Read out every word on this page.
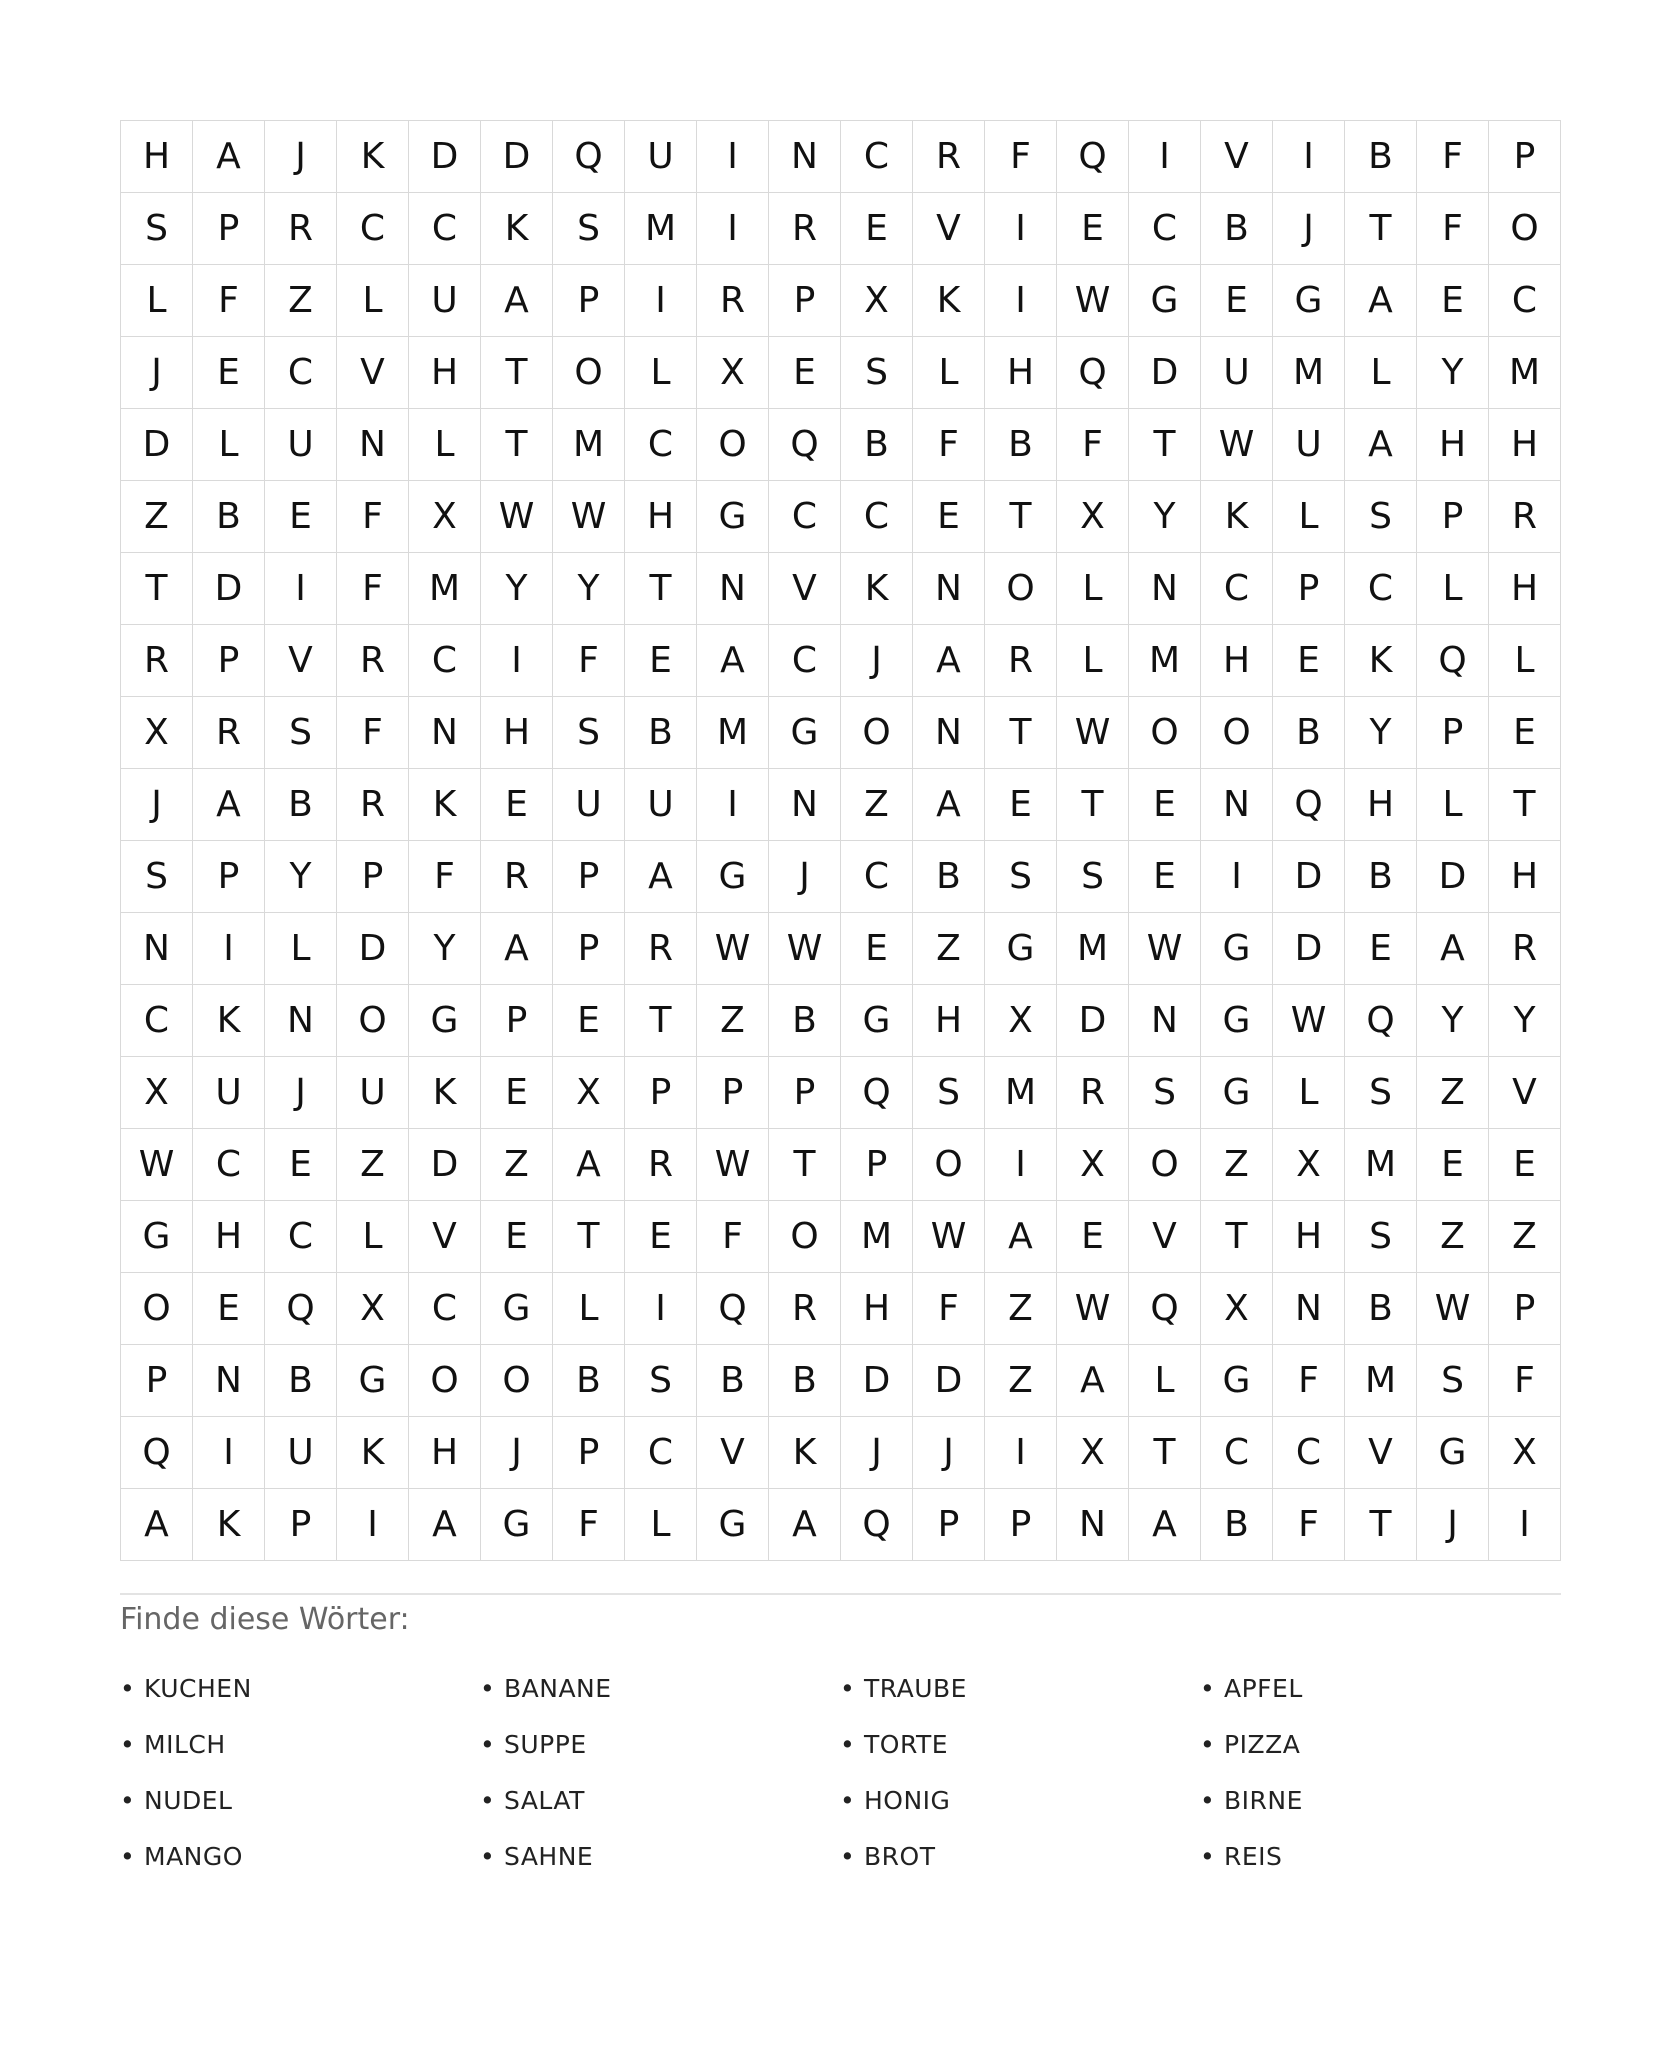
H	A	J	K	D	D	Q	U	I	N	C	R	F	Q	I	V	I	B	F	P
S	P	R	C	C	K	S	M	I	R	E	V	I	E	C	B	J	T	F	O
L	F	Z	L	U	A	P	I	R	P	X	K	I	W	G	E	G	A	E	C
J	E	C	V	H	T	O	L	X	E	S	L	H	Q	D	U	M	L	Y	M
D	L	U	N	L	T	M	C	O	Q	B	F	B	F	T	W	U	A	H	H
Z	B	E	F	X	W	W	H	G	C	C	E	T	X	Y	K	L	S	P	R
T	D	I	F	M	Y	Y	T	N	V	K	N	O	L	N	C	P	C	L	H
R	P	V	R	C	I	F	E	A	C	J	A	R	L	M	H	E	K	Q	L
X	R	S	F	N	H	S	B	M	G	O	N	T	W	O	O	B	Y	P	E
J	A	B	R	K	E	U	U	I	N	Z	A	E	T	E	N	Q	H	L	T
S	P	Y	P	F	R	P	A	G	J	C	B	S	S	E	I	D	B	D	H
N	I	L	D	Y	A	P	R	W	W	E	Z	G	M	W	G	D	E	A	R
C	K	N	O	G	P	E	T	Z	B	G	H	X	D	N	G	W	Q	Y	Y
X	U	J	U	K	E	X	P	P	P	Q	S	M	R	S	G	L	S	Z	V
W	C	E	Z	D	Z	A	R	W	T	P	O	I	X	O	Z	X	M	E	E
G	H	C	L	V	E	T	E	F	O	M	W	A	E	V	T	H	S	Z	Z
O	E	Q	X	C	G	L	I	Q	R	H	F	Z	W	Q	X	N	B	W	P
P	N	B	G	O	O	B	S	B	B	D	D	Z	A	L	G	F	M	S	F
Q	I	U	K	H	J	P	C	V	K	J	J	I	X	T	C	C	V	G	X
A	K	P	I	A	G	F	L	G	A	Q	P	P	N	A	B	F	T	J	I
Finde diese Wörter:
• KUCHEN	• BANANE	• TRAUBE	• APFEL
• MILCH	• SUPPE	• TORTE	• PIZZA
• NUDEL	• SALAT	• HONIG	• BIRNE
• MANGO	• SAHNE	• BROT	• REIS
